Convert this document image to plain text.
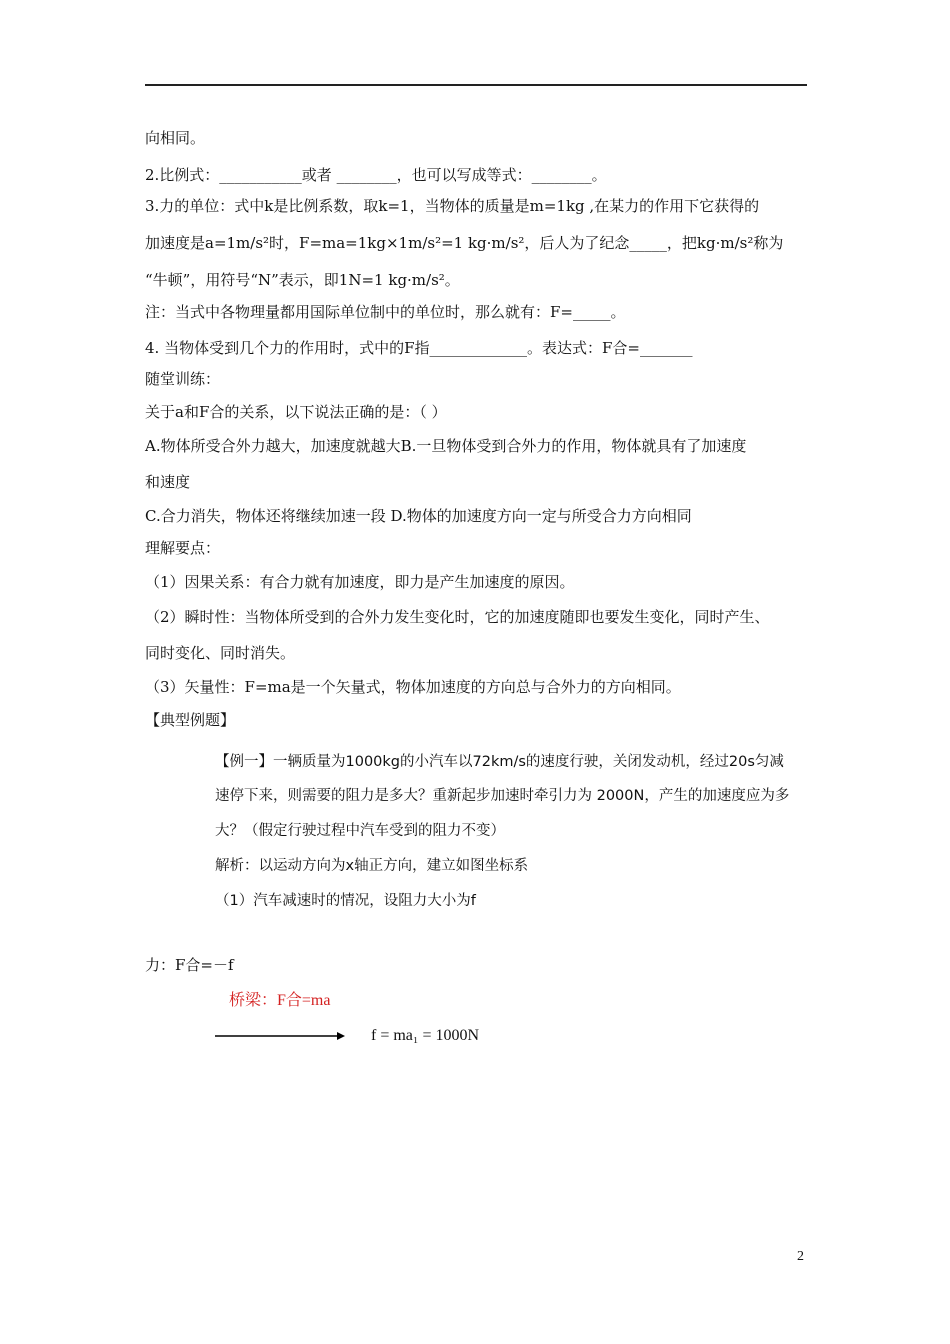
向相同。
2.比例式：___________或者 ________，也可以写成等式：________。
3.力的单位：式中k是比例系数，取k=1，当物体的质量是m=1kg ,在某力的作用下它获得的
加速度是a=1m/s²时，F=ma=1kg×1m/s²=1 kg·m/s²，后人为了纪念_____，把kg·m/s²称为
“牛顿”，用符号“N”表示，即1N=1 kg·m/s²。
注：当式中各物理量都用国际单位制中的单位时，那么就有：F=_____。
4. 当物体受到几个力的作用时，式中的F指_____________。表达式：F合=_______
随堂训练：
关于a和F合的关系，以下说法正确的是：（ ）
A.物体所受合外力越大，加速度就越大B.一旦物体受到合外力的作用，物体就具有了加速度
和速度
C.合力消失，物体还将继续加速一段 D.物体的加速度方向一定与所受合力方向相同
理解要点：
（1）因果关系：有合力就有加速度，即力是产生加速度的原因。
（2）瞬时性：当物体所受到的合外力发生变化时，它的加速度随即也要发生变化，同时产生、
同时变化、同时消失。
（3）矢量性：F=ma是一个矢量式，物体加速度的方向总与合外力的方向相同。
【典型例题】
【例一】一辆质量为1000kg的小汽车以72km/s的速度行驶，关闭发动机，经过20s匀减
速停下来，则需要的阻力是多大？重新起步加速时牵引力为 2000N，产生的加速度应为多
大？（假定行驶过程中汽车受到的阻力不变）
解析：以运动方向为x轴正方向，建立如图坐标系
（1）汽车减速时的情况，设阻力大小为f
力：F合=－f
桥梁：F合=ma
f = ma₁ = 1000N
2
